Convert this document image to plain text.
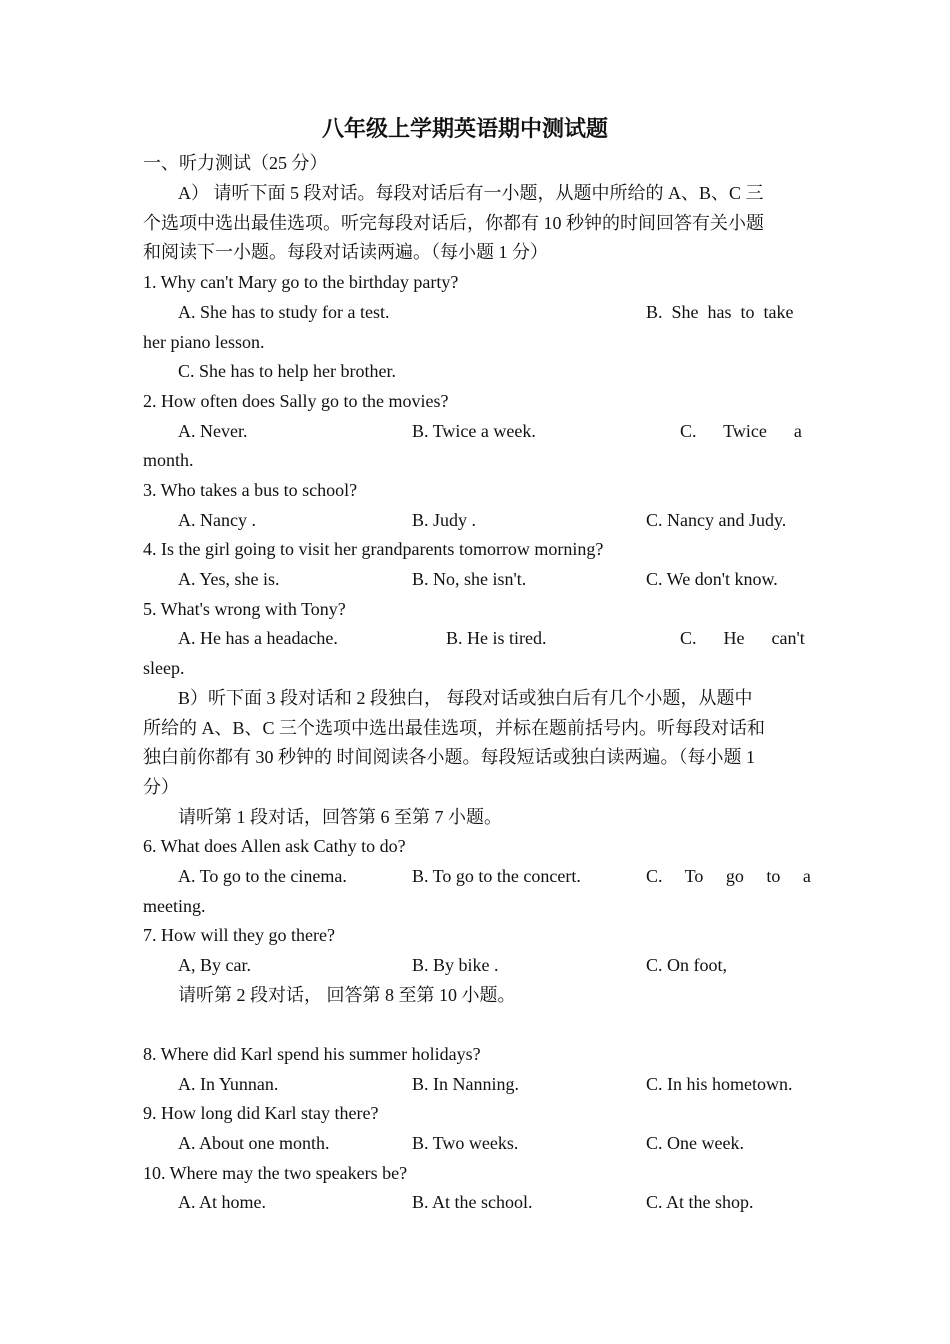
八年级上学期英语期中测试题
一、听力测试（25 分）
A） 请听下面 5 段对话。每段对话后有一小题，从题中所给的 A、B、C 三
个选项中选出最佳选项。听完每段对话后，你都有 10 秒钟的时间回答有关小题
和阅读下一小题。每段对话读两遍。（每小题 1 分）
1. Why can't Mary go to the birthday party?
A. She has to study for a test.	B.  She  has  to  take
her piano lesson.
C. She has to help her brother.
2. How often does Sally go to the movies?
A. Never.	B. Twice a week.	C.      Twice      a
month.
3. Who takes a bus to school?
A. Nancy .	B. Judy .	C. Nancy and Judy.
4. Is the girl going to visit her grandparents tomorrow morning?
A. Yes, she is.	B. No, she isn't.	C. We don't know.
5. What's wrong with Tony?
A. He has a headache.	B. He is tired.	C.      He      can't
sleep.
B）听下面 3 段对话和 2 段独白， 每段对话或独白后有几个小题，从题中
所给的 A、B、C 三个选项中选出最佳选项，并标在题前括号内。听每段对话和
独白前你都有 30 秒钟的 时间阅读各小题。每段短话或独白读两遍。（每小题 1
分）
请听第 1 段对话，回答第 6 至第 7 小题。
6. What does Allen ask Cathy to do?
A. To go to the cinema.	B. To go to the concert.	C.     To     go     to     a
meeting.
7. How will they go there?
A, By car.	B. By bike .	C. On foot,
请听第 2 段对话， 回答第 8 至第 10 小题。
8. Where did Karl spend his summer holidays?
A. In Yunnan.	B. In Nanning.	C. In his hometown.
9. How long did Karl stay there?
A. About one month.	B. Two weeks.	C. One week.
10. Where may the two speakers be?
A. At home.	B. At the school.	C. At the shop.
